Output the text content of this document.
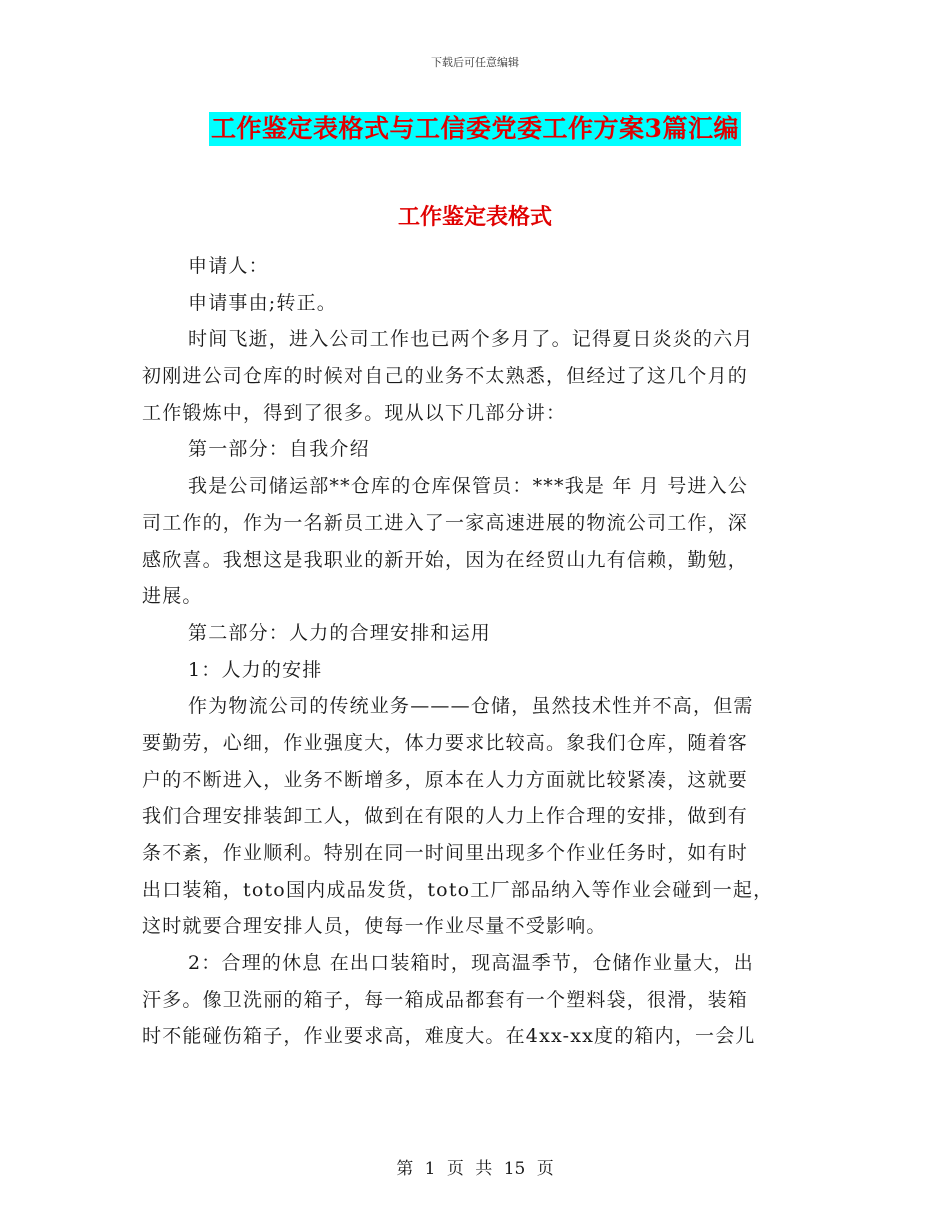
下载后可任意编辑
工作鉴定表格式与工信委党委工作方案3篇汇编
工作鉴定表格式
申请人：
申请事由;转正。
时间飞逝，进入公司工作也已两个多月了。记得夏日炎炎的六月
初刚进公司仓库的时候对自己的业务不太熟悉，但经过了这几个月的
工作锻炼中，得到了很多。现从以下几部分讲：
第一部分：自我介绍
我是公司储运部**仓库的仓库保管员：***我是 年 月 号进入公
司工作的，作为一名新员工进入了一家高速进展的物流公司工作，深
感欣喜。我想这是我职业的新开始，因为在经贸山九有信赖，勤勉，
进展。
第二部分：人力的合理安排和运用
1：人力的安排
作为物流公司的传统业务———仓储，虽然技术性并不高，但需
要勤劳，心细，作业强度大，体力要求比较高。象我们仓库，随着客
户的不断进入，业务不断增多，原本在人力方面就比较紧凑，这就要
我们合理安排装卸工人，做到在有限的人力上作合理的安排，做到有
条不紊，作业顺利。特别在同一时间里出现多个作业任务时，如有时
出口装箱，toto国内成品发货，toto工厂部品纳入等作业会碰到一起，
这时就要合理安排人员，使每一作业尽量不受影响。
2：合理的休息 在出口装箱时，现高温季节，仓储作业量大，出
汗多。像卫洗丽的箱子，每一箱成品都套有一个塑料袋，很滑，装箱
时不能碰伤箱子，作业要求高，难度大。在4xx-xx度的箱内，一会儿
第 1 页 共 15 页
